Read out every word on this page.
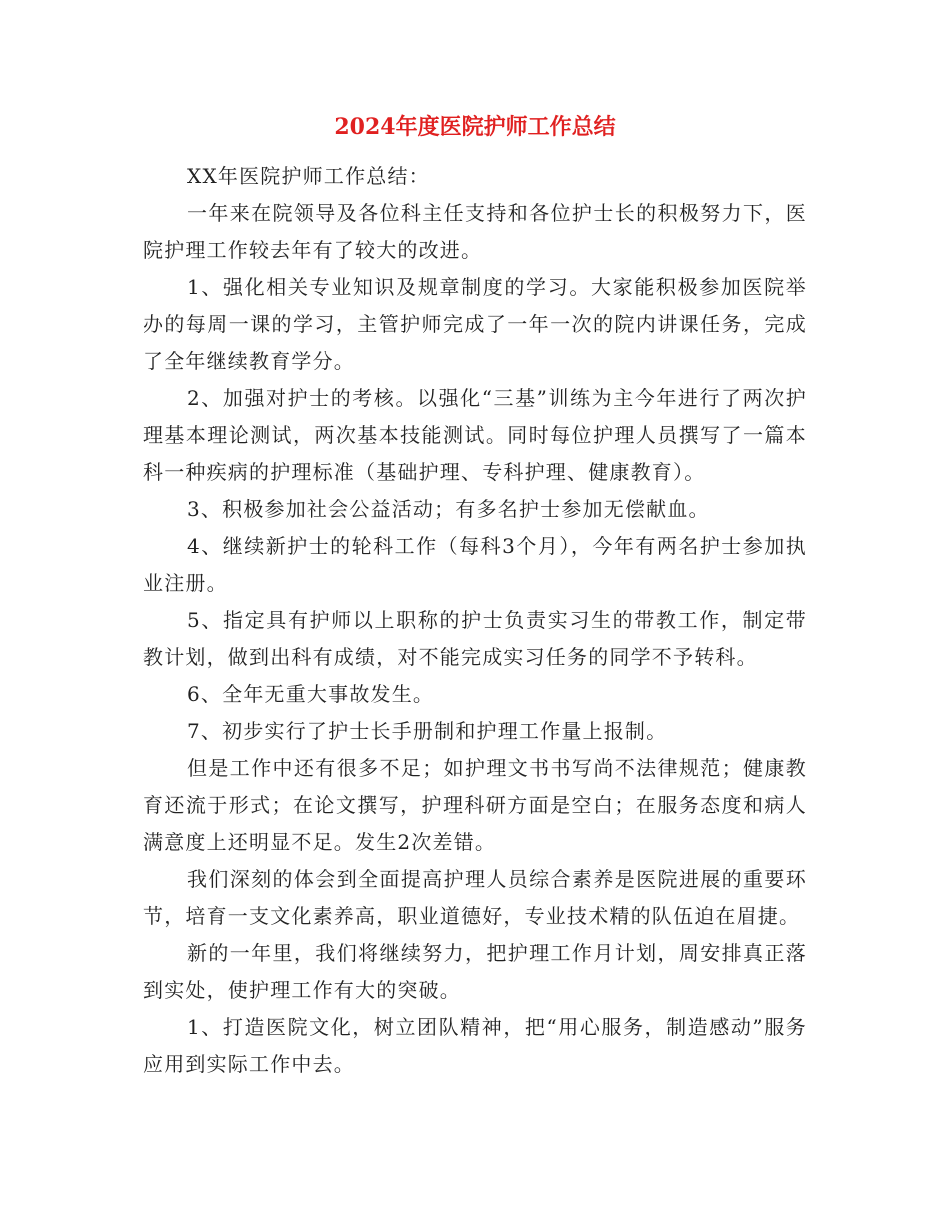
2024年度医院护师工作总结

XX年医院护师工作总结：

一年来在院领导及各位科主任支持和各位护士长的积极努力下，医院护理工作较去年有了较大的改进。

1、强化相关专业知识及规章制度的学习。大家能积极参加医院举办的每周一课的学习，主管护师完成了一年一次的院内讲课任务，完成了全年继续教育学分。

2、加强对护士的考核。以强化“三基”训练为主今年进行了两次护理基本理论测试，两次基本技能测试。同时每位护理人员撰写了一篇本科一种疾病的护理标准（基础护理、专科护理、健康教育）。

3、积极参加社会公益活动；有多名护士参加无偿献血。

4、继续新护士的轮科工作（每科3个月），今年有两名护士参加执业注册。

5、指定具有护师以上职称的护士负责实习生的带教工作，制定带教计划，做到出科有成绩，对不能完成实习任务的同学不予转科。

6、全年无重大事故发生。

7、初步实行了护士长手册制和护理工作量上报制。

但是工作中还有很多不足；如护理文书书写尚不法律规范；健康教育还流于形式；在论文撰写，护理科研方面是空白；在服务态度和病人满意度上还明显不足。发生2次差错。

我们深刻的体会到全面提高护理人员综合素养是医院进展的重要环节，培育一支文化素养高，职业道德好，专业技术精的队伍迫在眉捷。

新的一年里，我们将继续努力，把护理工作月计划，周安排真正落到实处，使护理工作有大的突破。

1、打造医院文化，树立团队精神，把“用心服务，制造感动”服务应用到实际工作中去。
